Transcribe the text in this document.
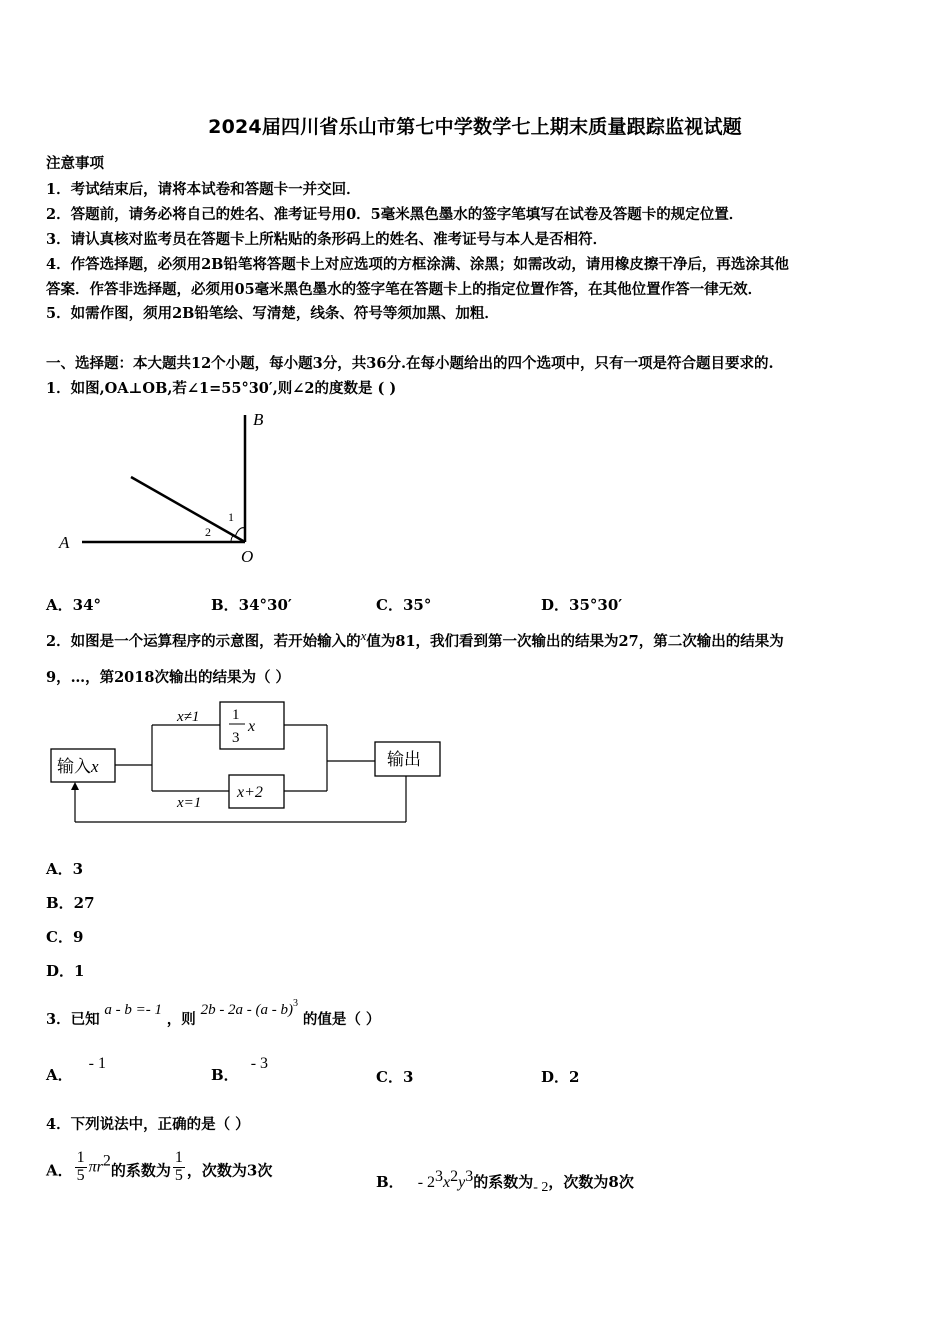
2024届四川省乐山市第七中学数学七上期末质量跟踪监视试题
注意事项
1．考试结束后，请将本试卷和答题卡一并交回．
2．答题前，请务必将自己的姓名、准考证号用0．5毫米黑色墨水的签字笔填写在试卷及答题卡的规定位置．
3．请认真核对监考员在答题卡上所粘贴的条形码上的姓名、准考证号与本人是否相符．
4．作答选择题，必须用2B铅笔将答题卡上对应选项的方框涂满、涂黑；如需改动，请用橡皮擦干净后，再选涂其他
答案．作答非选择题，必须用05毫米黑色墨水的签字笔在答题卡上的指定位置作答，在其他位置作答一律无效．
5．如需作图，须用2B铅笔绘、写清楚，线条、符号等须加黑、加粗．
一、选择题：本大题共12个小题，每小题3分，共36分.在每小题给出的四个选项中，只有一项是符合题目要求的.
1．如图,OA⊥OB,若∠1=55°30′,则∠2的度数是 ( )
B
A
O
1
2
A．34°	B．34°30′	C．35°	D．35°30′
2．如图是一个运算程序的示意图，若开始输入的x值为81，我们看到第一次输出的结果为27，第二次输出的结果为
9，…，第2018次输出的结果为（ ）
输入x
1
3
x
x+2
输出
x≠1
x=1
A．3
B．27
C．9
D．1
3．已知 a - b =- 1 ，则 2b - 2a - (a - b)$^3$ 的值是（ ）
A．- 1
B．- 3
C．3	D．2
4．下列说法中，正确的是（ ）
A． $\frac{1}{5} \pi r^2$的系数为 $\frac{1}{5}$ ，次数为3次
B． - $2^3x^2y^3$的系数为- 2，次数为8次
